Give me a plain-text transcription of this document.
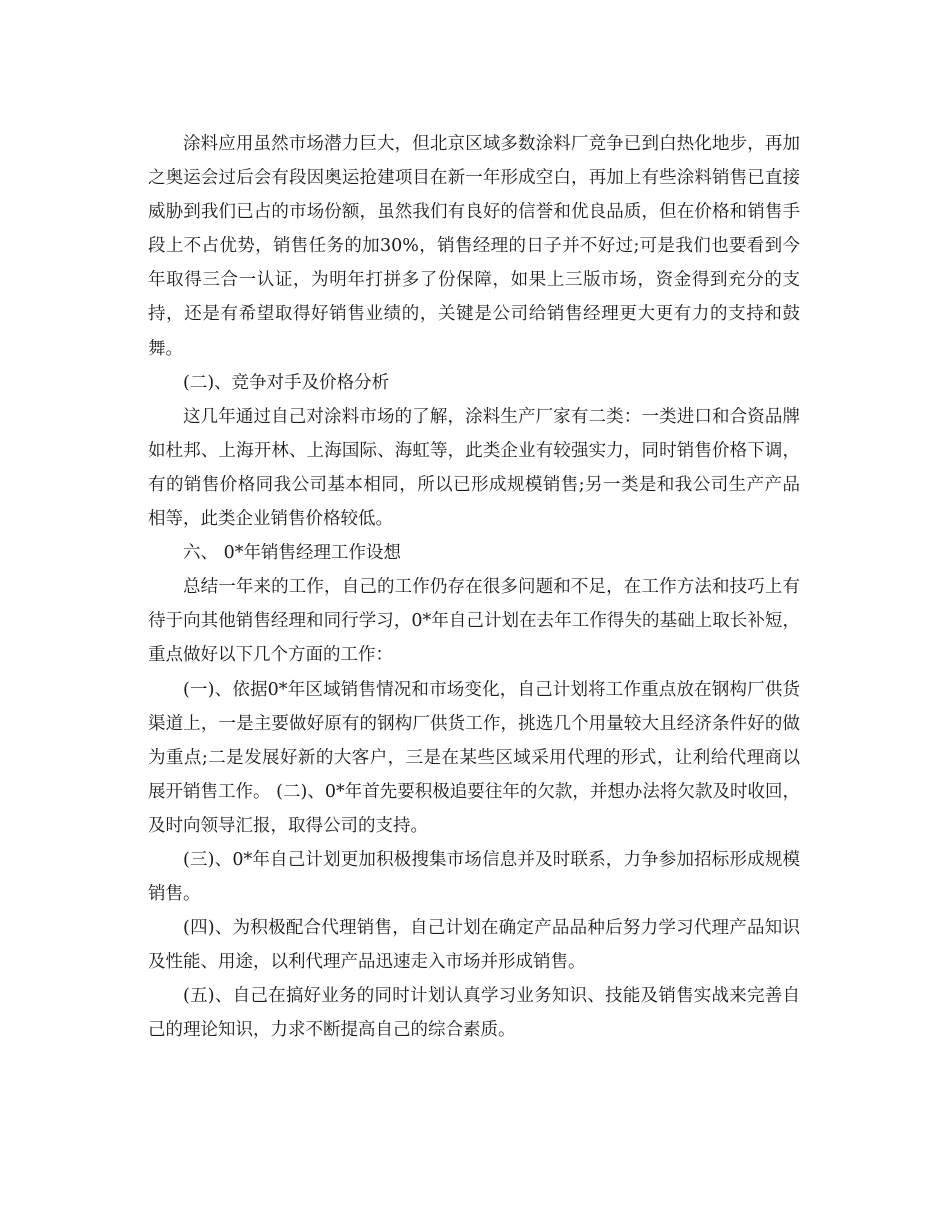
涂料应用虽然市场潜力巨大，但北京区域多数涂料厂竞争已到白热化地步，再加之奥运会过后会有段因奥运抢建项目在新一年形成空白，再加上有些涂料销售已直接威胁到我们已占的市场份额，虽然我们有良好的信誉和优良品质，但在价格和销售手段上不占优势，销售任务的加30%，销售经理的日子并不好过;可是我们也要看到今年取得三合一认证，为明年打拼多了份保障，如果上三版市场，资金得到充分的支持，还是有希望取得好销售业绩的，关键是公司给销售经理更大更有力的支持和鼓舞。

(二)、竞争对手及价格分析

这几年通过自己对涂料市场的了解，涂料生产厂家有二类：一类进口和合资品牌如杜邦、上海开林、上海国际、海虹等，此类企业有较强实力，同时销售价格下调，有的销售价格同我公司基本相同，所以已形成规模销售;另一类是和我公司生产产品相等，此类企业销售价格较低。

六、 0*年销售经理工作设想

总结一年来的工作，自己的工作仍存在很多问题和不足，在工作方法和技巧上有待于向其他销售经理和同行学习，0*年自己计划在去年工作得失的基础上取长补短，重点做好以下几个方面的工作：

(一)、依据0*年区域销售情况和市场变化，自己计划将工作重点放在钢构厂供货渠道上，一是主要做好原有的钢构厂供货工作，挑选几个用量较大且经济条件好的做为重点;二是发展好新的大客户，三是在某些区域采用代理的形式，让利给代理商以展开销售工作。 (二)、0*年首先要积极追要往年的欠款，并想办法将欠款及时收回，及时向领导汇报，取得公司的支持。

(三)、0*年自己计划更加积极搜集市场信息并及时联系，力争参加招标形成规模销售。

(四)、为积极配合代理销售，自己计划在确定产品品种后努力学习代理产品知识及性能、用途，以利代理产品迅速走入市场并形成销售。

(五)、自己在搞好业务的同时计划认真学习业务知识、技能及销售实战来完善自己的理论知识，力求不断提高自己的综合素质。
